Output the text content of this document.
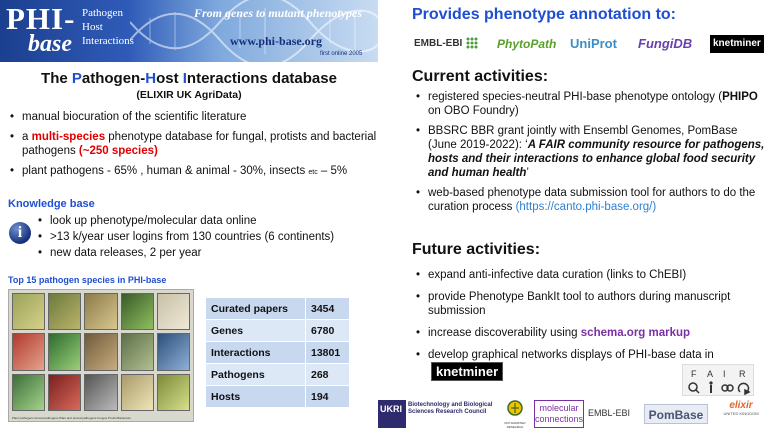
PHI-
base
Pathogen
Host
Interactions
From genes to mutant phenotypes
www.phi-base.org
first online 2005
The Pathogen-Host Interactions database
(ELIXIR UK AgriData)
• manual biocuration of the scientific literature
• a multi-species phenotype database for fungal, protists and bacterial pathogens (~250 species)
• plant pathogens - 65% , human & animal - 30%, insects etc – 5%
Knowledge base
i
• look up phenotype/molecular data online
• >13 k/year user logins from 130 countries (6 continents)
• new data releases, 2 per year
Top 15 pathogen species in PHI-base
Plant pathogens Animal pathogens Plant and animal pathogens Fungus Protist Bacterium
Curated papers	3454
Genes	6780
Interactions	13801
Pathogens	268
Hosts	194
Provides phenotype annotation to:
EMBL-EBI	PhytoPath UniProt FungiDB	knetminer
Current activities:
• registered species-neutral PHI-base phenotype ontology (PHIPO on OBO Foundry)
• BBSRC BBR grant jointly with Ensembl Genomes, PomBase (June 2019-2022): ‘A FAIR community resource for pathogens, hosts and their interactions to enhance global food security and human health’
• web-based phenotype data submission tool for authors to do the curation process (https://canto.phi-base.org/)
Future activities:
• expand anti-infective data curation (links to ChEBI)
• provide Phenotype BankIt tool to authors during manuscript submission
• increase discoverability using schema.org markup
• develop graphical networks displays of PHI-base data in knetminer	F A I R
UKRI	Biotechnology and Biological Sciences Research Council
ROTHAMSTED RESEARCH
molecular connections
EMBL-EBI	PomBase
elixir
UNITED KINGDOM
